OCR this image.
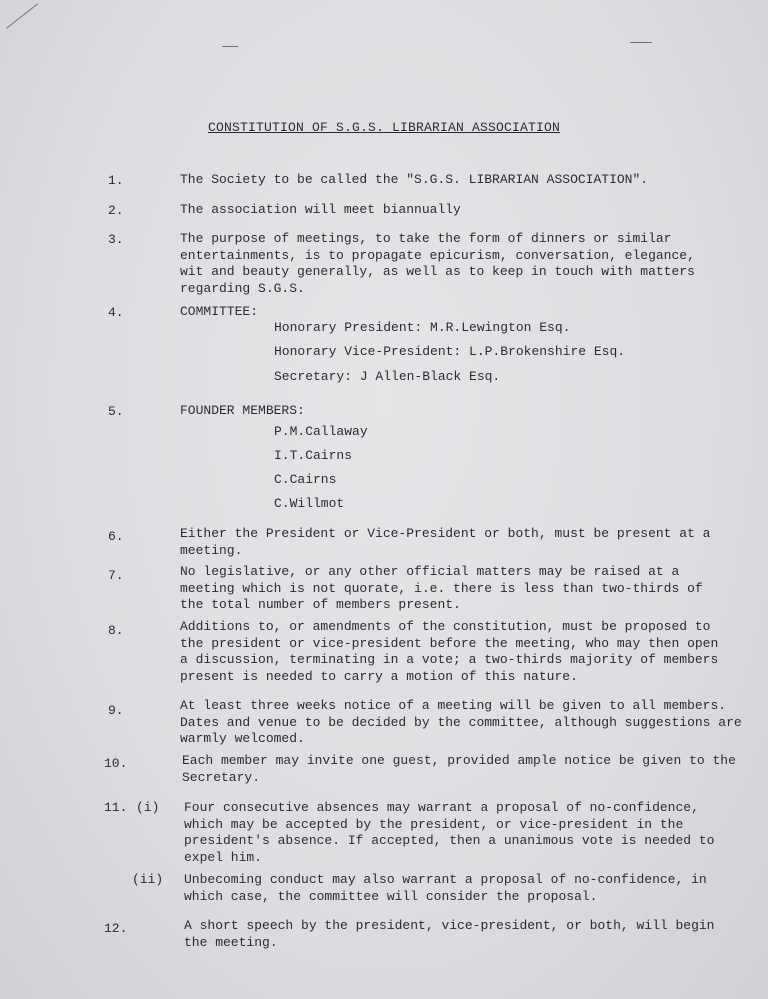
CONSTITUTION OF S.G.S. LIBRARIAN ASSOCIATION
1.	The Society to be called the "S.G.S. LIBRARIAN ASSOCIATION".
2.	The association will meet biannually
3.	The purpose of meetings, to take the form of dinners or similar entertainments, is to propagate epicurism, conversation, elegance, wit and beauty generally, as well as to keep in touch with matters regarding S.G.S.
4.	COMMITTEE:
Honorary President: M.R.Lewington Esq.
Honorary Vice-President: L.P.Brokenshire Esq.
Secretary: J Allen-Black Esq.
5.	FOUNDER MEMBERS:
P.M.Callaway
I.T.Cairns
C.Cairns
C.Willmot
6.	Either the President or Vice-President or both, must be present at a meeting.
7.	No legislative, or any other official matters may be raised at a meeting which is not quorate, i.e. there is less than two-thirds of the total number of members present.
8.	Additions to, or amendments of the constitution, must be proposed to the president or vice-president before the meeting, who may then open a discussion, terminating in a vote; a two-thirds majority of members present is needed to carry a motion of this nature.
9.	At least three weeks notice of a meeting will be given to all members. Dates and venue to be decided by the committee, although suggestions are warmly welcomed.
10.	Each member may invite one guest, provided ample notice be given to the Secretary.
11. (i) Four consecutive absences may warrant a proposal of no-confidence, which may be accepted by the president, or vice-president in the president's absence. If accepted, then a unanimous vote is needed to expel him.
(ii) Unbecoming conduct may also warrant a proposal of no-confidence, in which case, the committee will consider the proposal.
12.	A short speech by the president, vice-president, or both, will begin the meeting.
